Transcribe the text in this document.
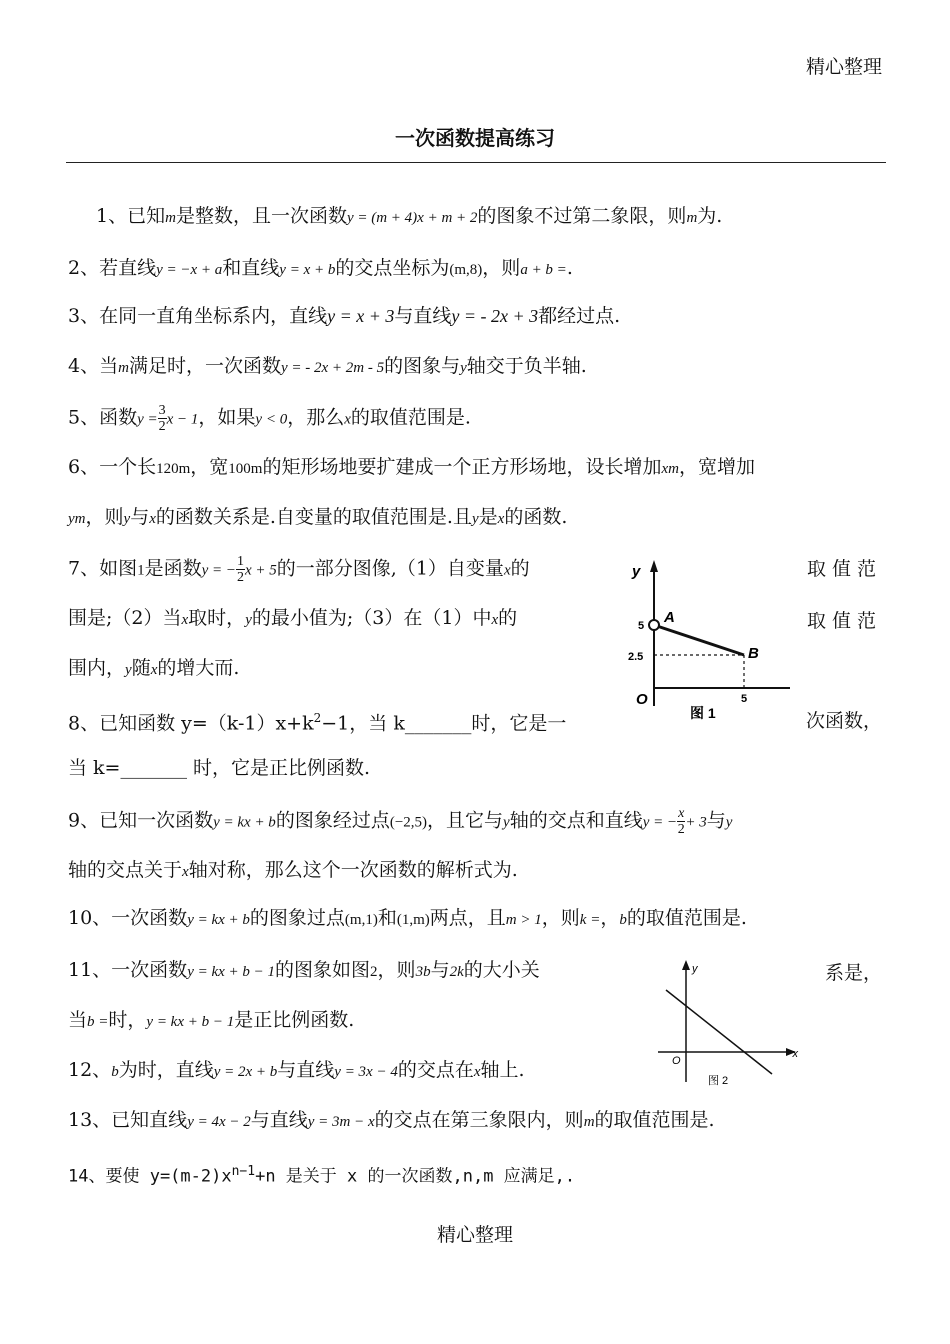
精心整理
一次函数提高练习
1、已知m是整数，且一次函数y = (m + 4)x + m + 2的图象不过第二象限，则m为.
2、若直线y = −x + a和直线y = x + b的交点坐标为(m,8)，则a + b =.
3、在同一直角坐标系内，直线y = x + 3与直线y = - 2x + 3都经过点.
4、当m满足时，一次函数y = - 2x + 2m - 5的图象与y轴交于负半轴.
5、函数$y = \frac{3}{2}$ x − 1，如果y < 0，那么x的取值范围是.
6、一个长120m，宽100m的矩形场地要扩建成一个正方形场地，设长增加xm，宽增加
ym，则y与x的函数关系是.自变量的取值范围是.且y是x的函数.
7、如图1是函数y = − $\frac{1}{2}$ x + 5的一部分图像,（1）自变量x的	取值范
围是;（2）当x取时，y的最小值为;（3）在（1）中x的	取值范
围内，y随x的增大而.
y
A
B
5
2.5
5
O
图 1
8、已知函数 $y=(k-1)x+k^2-1$，当 k_______时，它是一	次函数，
当 k=_______ 时，它是正比例函数.
9、已知一次函数y = kx + b的图象经过点(−2,5)，且它与y轴的交点和直线y = − $\frac{x}{2} + 3$与y
轴的交点关于x轴对称，那么这个一次函数的解析式为.
10、一次函数y = kx + b的图象过点(m,1)和(1,m)两点，且m > 1，则k =，b的取值范围是.
11、一次函数y = kx + b − 1的图象如图2，则3b与2k的大小关	系是，
当b =时，y = kx + b − 1是正比例函数.
y
x
O
图 2
12、b为时，直线y = 2x + b与直线y = 3x − 4的交点在x轴上.
13、已知直线y = 4x − 2与直线y = 3m − x的交点在第三象限内，则m的取值范围是.
14、要使 $y=(m-2)x^{n-1}+n$ 是关于 x 的一次函数,n,m 应满足,.
精心整理
